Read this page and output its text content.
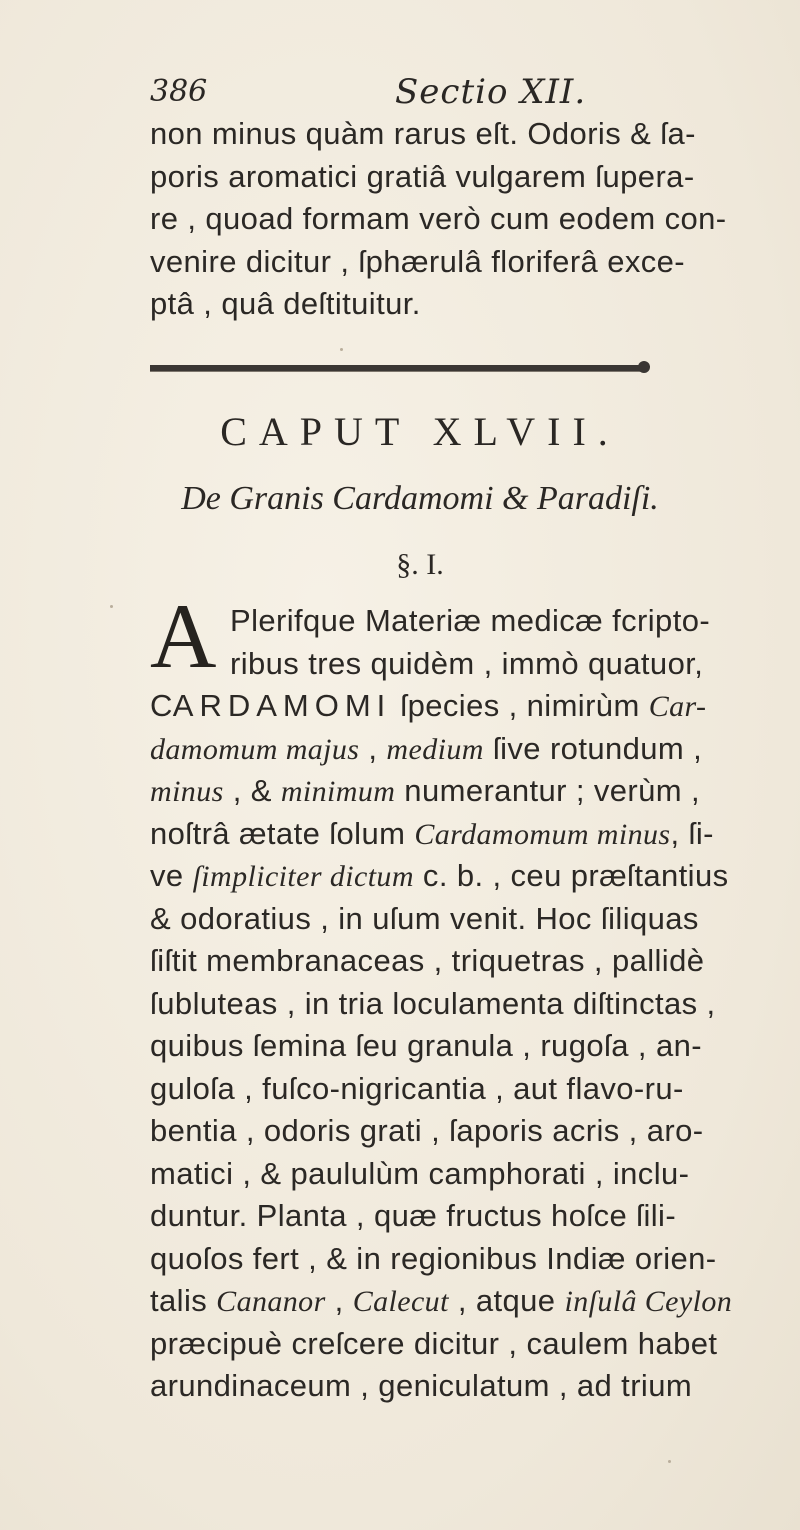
386	Sectio XII.
non minus quàm rarus eſt. Odoris & ſa-
poris aromatici gratiâ vulgarem ſupera-
re , quoad formam verò cum eodem con-
venire dicitur , ſphærulâ floriferâ exce-
ptâ , quâ deſtituitur.
CAPUT XLVII.
De Granis Cardamomi & Paradiſi.
§. I.
A Plerifque Materiæ medicæ fcripto-
ribus tres quidèm , immò quatuor,
CARDAMOMI ſpecies , nimirùm Car-
damomum majus , medium ſive rotundum ,
minus , & minimum numerantur ; verùm ,
noſtrâ ætate ſolum Cardamomum minus, ſi-
ve ſimpliciter dictum c. b. , ceu præſtantius
& odoratius , in uſum venit. Hoc ſiliquas
ſiſtit membranaceas , triquetras , pallidè
ſubluteas , in tria loculamenta diſtinctas ,
quibus ſemina ſeu granula , rugoſa , an-
guloſa , fuſco-nigricantia , aut flavo-ru-
bentia , odoris grati , ſaporis acris , aro-
matici , & paululùm camphorati , inclu-
duntur. Planta , quæ fructus hoſce ſili-
quoſos fert , & in regionibus Indiæ orien-
talis Cananor , Calecut , atque inſulâ Ceylon
præcipuè creſcere dicitur , caulem habet
arundinaceum , geniculatum , ad trium
